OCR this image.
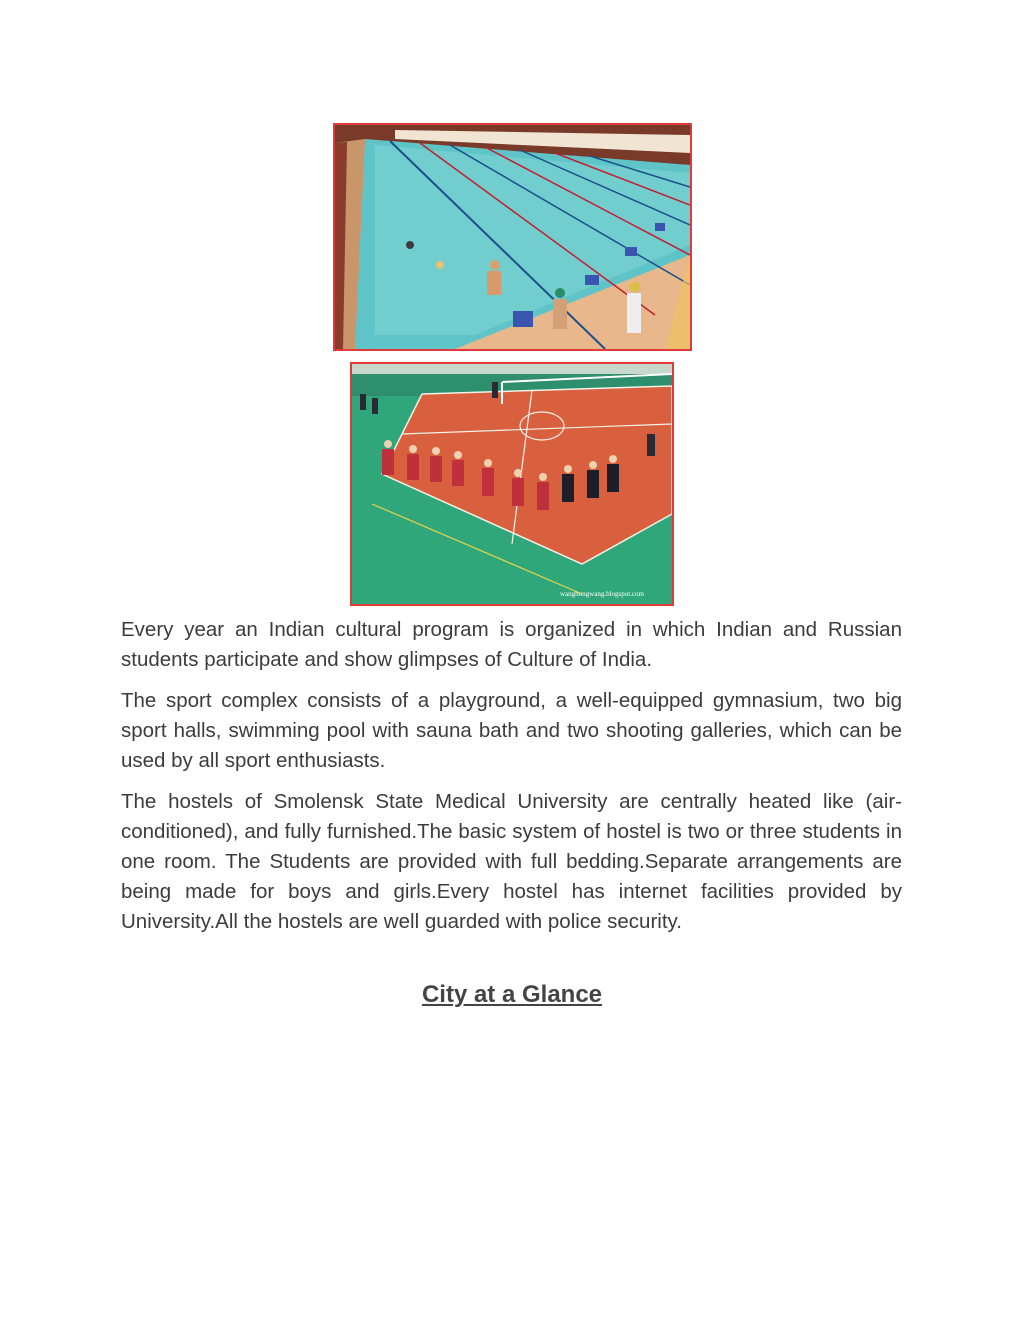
wanghongwang.blogspot.com

Every year an Indian cultural program is organized in which Indian and Russian students participate and show glimpses of Culture of India.

The sport complex consists of a playground, a well-equipped gymnasium, two big sport halls, swimming pool with sauna bath and two shooting galleries, which can be used by all sport enthusiasts.

The hostels of Smolensk State Medical University are centrally heated like (air-conditioned), and fully furnished.The basic system of hostel is two or three students in one room. The Students are provided with full bedding.Separate arrangements are being made for boys and girls.Every hostel has internet facilities provided by University.All the hostels are well guarded with police security.

City at a Glance
